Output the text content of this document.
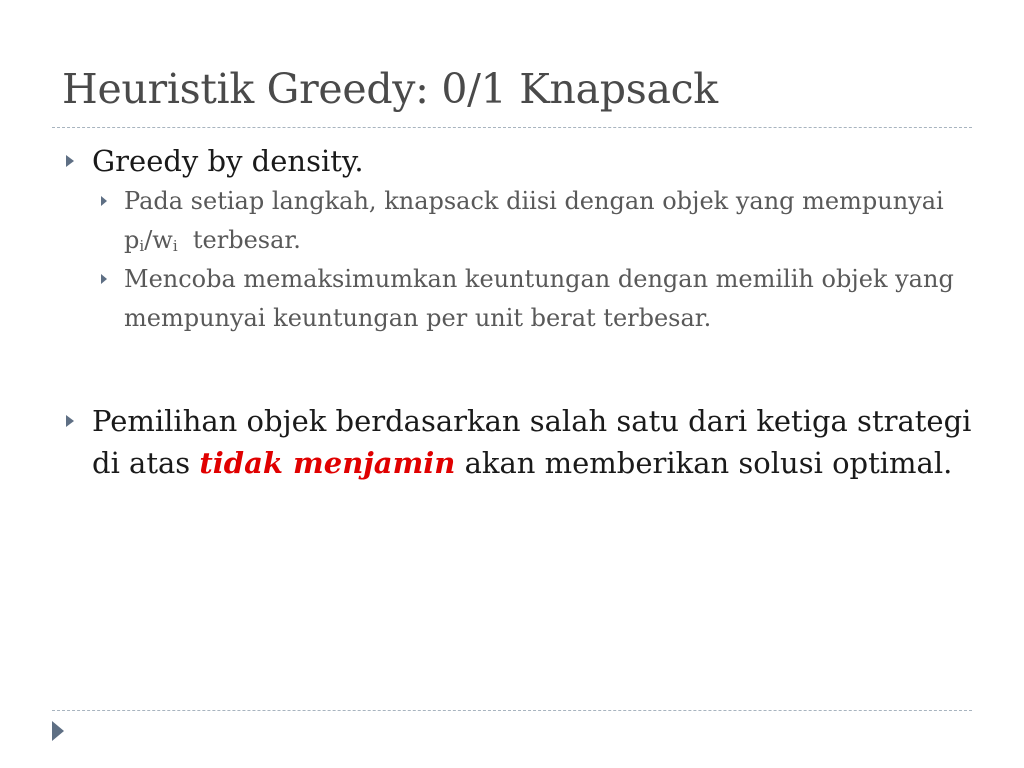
Heuristik Greedy: 0/1 Knapsack
Greedy by density.
Pada setiap langkah, knapsack diisi dengan objek yang mempunyai $p_i/w_i$  terbesar.
Mencoba memaksimumkan keuntungan dengan memilih objek yang mempunyai keuntungan per unit berat terbesar.
Pemilihan objek berdasarkan salah satu dari ketiga strategi di atas tidak menjamin akan memberikan solusi optimal.
